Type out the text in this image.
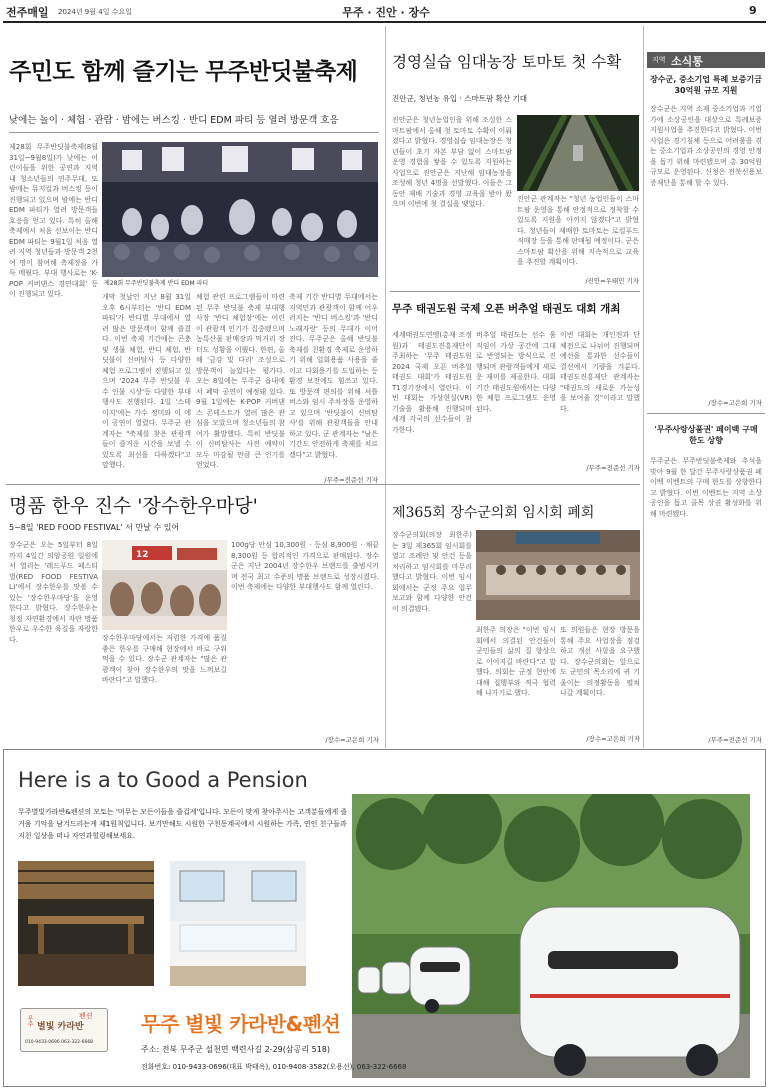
전주매일 2024년 9월 4일 수요일	무주 · 진안 · 장수	9
주민도 함께 즐기는 무주반딧불축제
낮에는 놀이 · 체험 · 관람 · 밤에는 버스킹 · 반디 EDM 파티 등 열려 방문객 호응
제28회 무주반딧불축제(8월31일~9월8일)가 낮에는 어린이들을 위한 공연과 지역 내 청소년들의 연주무대, 또 밤에는 뮤지컬과 버스킹 등이 진행되고 있으며 밤에는 반디 EDM 파티가 열려 방문객들 호응을 얻고 있다. 특히 올해 축제에서 처음 선보이는 반디 EDM 파티는 9월1일 처음 열려 지역 청년들과 방문객 2천여 명이 참여해 축제장을 가득 메웠다. 부대 행사로는 'K-POP 커버댄스 경연대회' 등이 진행되고 있다.
제28회 무주반딧불축제 반디 EDM 파티
개막 첫날인 지난 8월 31일 오후 6시부터는 '반디 EDM 파티'가 반디별 무대에서 열려 많은 방문객이 함께 즐겼다. 이번 축제 기간에는 곤충 및 생물 체험, 반디 체험, 반딧불이 신비탐사 등 다양한 체험 프로그램이 진행되고 있으며 '2024 무주 반딧불 우수 인물 시상'등 다양한 부대행사도 진행된다. 1일 '스테이지'에는 가수 정미와 이 에이 공연이 열렸다. 무주군 관계자는 "축제를 찾은 관광객들이 즐거운 시간을 보낼 수 있도록 최선을 다하겠다"고 말했다.
체험 관련 프로그램들이 마련된 무주 반딧불 축제 부대행사장 '반디 체험장'에는 어린이 관광객 인기가 집중됐으며 농특산물 판매장과 먹거리 장터도 성황을 이뤘다. 한편, 올해 '금강 빛 다리' 조성으로 방문객이 늘었다는 평가다. 오는 8일에는 무주군 읍내에서 폐막 공연이 예정돼 있다. 9월 1일에는 K-POP 커버댄스 콘테스트가 열려 많은 관심을 모았으며 청소년들의 참여가 활발했다. 특히 반딧불이 신비탐사는 사전 예약이 모두 마감될 만큼 큰 인기를 얻었다.
축제 기간 반디별 무대에서는 지역민과 관광객이 함께 어우러지는 '반디 버스킹'과 '반디 노래자랑' 등의 무대가 이어진다. 무주군은 올해 반딧불축제를 친환경 축제로 운영하기 위해 일회용품 사용을 줄이고 다회용기를 도입하는 등 환경 보전에도 힘쓰고 있다. 또 방문객 편의를 위해 셔틀버스와 임시 주차장을 운영하고 있으며 '반딧불이 신비탐사'를 위해 관광객들을 안내하고 있다. 군 관계자는 "남은 기간도 안전하게 축제를 치르겠다"고 밝혔다.
/무주=전준선 기자
경영실습 임대농장 토마토 첫 수확
진안군, 청년농 유입 · 스마트팜 확산 기대
진안군은 청년농업인을 위해 조성한 스마트팜에서 올해 첫 토마토 수확이 이뤄졌다고 밝혔다. 경영실습 임대농장은 청년들이 초기 자본 부담 없이 스마트팜 운영 경험을 쌓을 수 있도록 지원하는 사업으로 진안군은 지난해 임대농장을 조성해 청년 4명을 선발했다. 이들은 그동안 재배 기술과 경영 교육을 받아 왔으며 이번에 첫 결실을 맺었다.
진안군 관계자는 "청년 농업인들이 스마트팜 운영을 통해 안정적으로 정착할 수 있도록 지원을 아끼지 않겠다"고 밝혔다. 청년들이 재배한 토마토는 로컬푸드 직매장 등을 통해 판매될 예정이다. 군은 스마트팜 확산을 위해 지속적으로 교육을 추진할 계획이다.
/진안=우태민 기자
무주 태권도원 국제 오픈 버추얼 태권도 대회 개최
세계태권도연맹(총재 조정원)과 태권도진흥재단이 주최하는 '무주 태권도원 2024 국제 오픈 버추얼 태권도 대회'가 태권도원 T1경기장에서 열린다. 이번 대회는 가상현실(VR) 기술을 활용해 진행되며 세계 각국의 선수들이 참가한다.
버추얼 태권도는 선수 움직임이 가상 공간에 그대로 반영되는 방식으로 진행되며 관람객들에게 새로운 재미를 제공한다. 대회 기간 태권도원에서는 다양한 체험 프로그램도 운영된다.
이번 대회는 개인전과 단체전으로 나뉘어 진행되며 예선을 통과한 선수들이 결선에서 기량을 겨룬다. 태권도진흥재단 관계자는 "태권도의 새로운 가능성을 보여줄 것"이라고 말했다.
/무주=전준선 기자
명품 한우 진수 '장수한우마당'
5~8일 'RED FOOD FESTIVAL' 서 만날 수 있어
12
장수군은 오는 5일부터 8일까지 4일간 의암공원 일원에서 열리는 '레드푸드 페스티벌(RED FOOD FESTIVAL)'에서 장수한우를 맛볼 수 있는 '장수한우마당'을 운영한다고 밝혔다. 장수한우는 청정 자연환경에서 자란 명품 한우로 우수한 육질을 자랑한다.	장수한우마당에서는 저렴한 가격에 품질 좋은 한우를 구매해 현장에서 바로 구워 먹을 수 있다. 장수군 관계자는 "많은 관광객이 찾아 장수한우의 맛을 느껴보길 바란다"고 말했다.
100g당 안심 10,300원 · 등심 8,900원 · 채끝 8,300원 등 합리적인 가격으로 판매된다. 장수군은 지난 2004년 장수한우 브랜드를 출범시키며 전국 최고 수준의 명품 브랜드로 성장시켰다. 이번 축제에는 다양한 부대행사도 함께 열린다.
/장수=고은희 기자
제365회 장수군의회 임시회 폐회
장수군의회(의장 최한주)는 3일 제365회 임시회를 열고 조례안 및 안건 등을 처리하고 임시회를 마무리했다고 밝혔다. 이번 임시회에서는 군정 주요 업무 보고와 함께 다양한 안건이 의결됐다.
최한주 의장은 "이번 임시회에서 의결된 안건들이 군민들의 삶의 질 향상으로 이어지길 바란다"고 말했다. 의회는 군정 현안에 대해 집행부와 적극 협력해 나가기로 했다.
또 의원들은 현장 방문을 통해 주요 사업장을 점검하고 개선 사항을 요구했다. 장수군의회는 앞으로도 군민의 목소리에 귀 기울이는 의정활동을 펼쳐 나갈 계획이다.
/장수=고은희 기자
지역 소식통
장수군, 중소기업 특례 보증기금 30억원 규모 지원
장수군은 지역 소재 중소기업과 기업가에 소상공인을 대상으로 특례보증 지원사업을 추진한다고 밝혔다. 이번 사업은 경기침체 등으로 어려움을 겪는 중소기업과 소상공인의 경영 안정을 돕기 위해 마련됐으며 총 30억원 규모로 운영된다. 신청은 전북신용보증재단을 통해 할 수 있다.
/장수=고은희 기자
'무주사랑상품권' 페이백 구매 한도 상향
무주군은 무주반딧불축제와 추석을 맞아 9월 한 달간 무주사랑상품권 페이백 이벤트의 구매 한도를 상향한다고 밝혔다. 이번 이벤트는 지역 소상공인을 돕고 골목 상권 활성화를 위해 마련됐다.
/무주=전준선 기자
Here is a to Good a Pension
무주별빛카라반&펜션의 모토는 '머무는 모든이들을 즐겁게'입니다. 모든이 맞게 찾아주시는 고객분들에게 즐거움 기억을 남겨드리는게 제1원칙입니다. 보기만해도 시원한 구천동계곡에서 시원하는 가족, 연인 친구들과 지친 일상을 떠나 자연과힐링해보세요.
무주 별빛 카라반
펜션
010-9433-0696 063-322-6668
무주 별빛 카라반&펜션
주소: 전북 무주군 설천면 백련사길 2-29(삼공리 518)
전화번호: 010-9433-0696(대표 박태옥), 010-9408-3582(오용선), 063-322-6668
